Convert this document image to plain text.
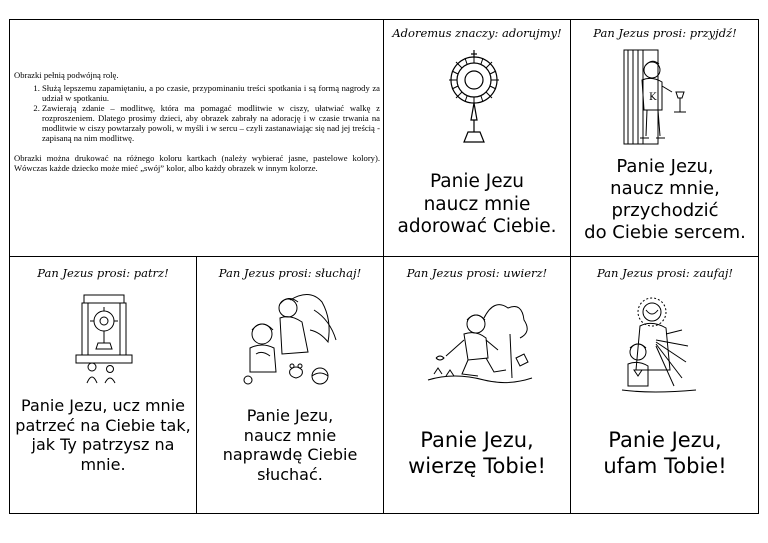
Obrazki pełnią podwójną rolę.

1. Służą lepszemu zapamiętaniu, a po czasie, przypominaniu treści spotkania i są formą nagrody za udział w spotkaniu.
2. Zawierają zdanie – modlitwę, która ma pomagać modlitwie w ciszy, ułatwiać walkę z rozproszeniem. Dlatego prosimy dzieci, aby obrazek zabrały na adorację i w czasie trwania na modlitwie w ciszy powtarzały powoli, w myśli i w sercu – czyli zastanawiając się nad jej treścią - zapisaną na nim modlitwę.

Obrazki można drukować na różnego koloru kartkach (należy wybierać jasne, pastelowe kolory). Wówczas każde dziecko może mieć „swój” kolor, albo każdy obrazek w innym kolorze.

Adoremus znaczy: adorujmy!
Panie Jezu
naucz mnie
adorować Ciebie.
Pan Jezus prosi: przyjdź!
K
Panie Jezu,
naucz mnie,
przychodzić
do Ciebie sercem.
Pan Jezus prosi: patrz!
Panie Jezu, ucz mnie
patrzeć na Ciebie tak,
jak Ty patrzysz na
mnie.
Pan Jezus prosi: słuchaj!
Panie Jezu,
naucz mnie
naprawdę Ciebie
słuchać.
Pan Jezus prosi: uwierz!
Panie Jezu,
wierzę Tobie!
Pan Jezus prosi: zaufaj!
Panie Jezu,
ufam Tobie!
